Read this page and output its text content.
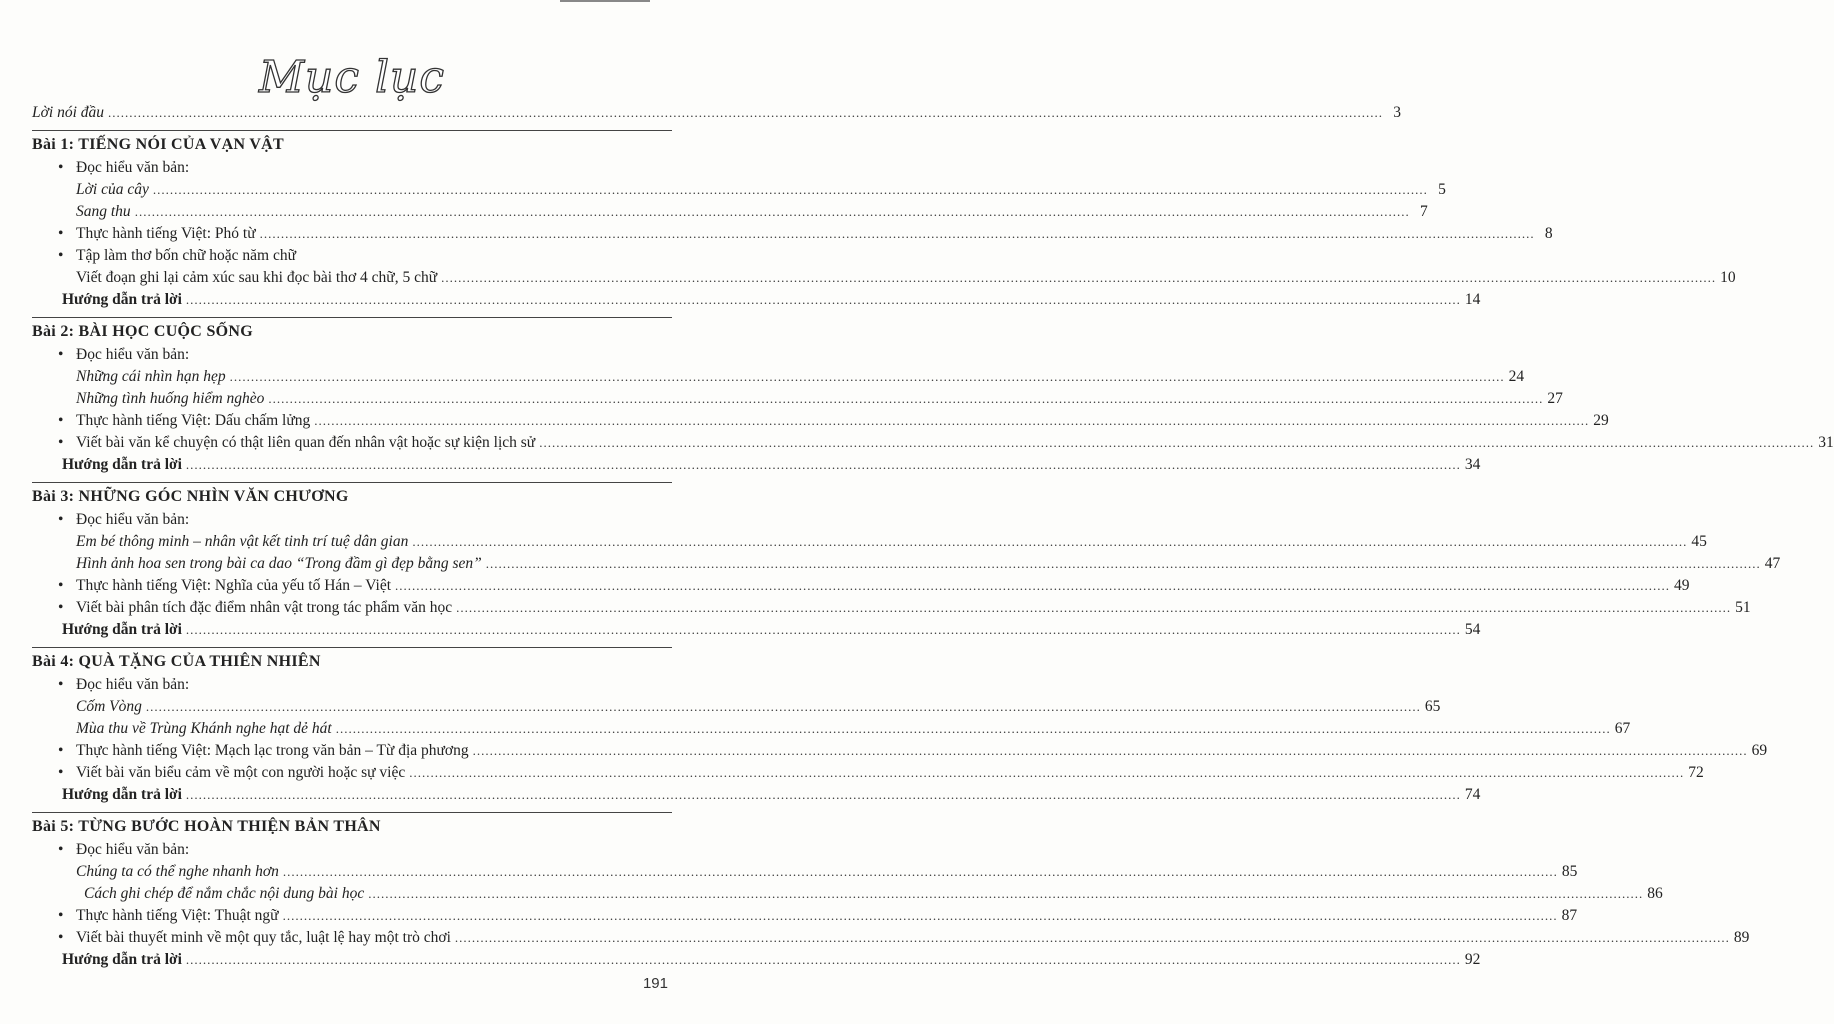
Mục lục
Lời nói đầu ............................................................................................................................................................................................................................................................................................................ 3
Bài 1: TIẾNG NÓI CỦA VẠN VẬT
• Đọc hiểu văn bản:
Lời của cây ............................................................................................................................................................................................................................................................................................................ 5
Sang thu ............................................................................................................................................................................................................................................................................................................ 7
• Thực hành tiếng Việt: Phó từ ............................................................................................................................................................................................................................................................................................................ 8
• Tập làm thơ bốn chữ hoặc năm chữ
Viết đoạn ghi lại cảm xúc sau khi đọc bài thơ 4 chữ, 5 chữ ............................................................................................................................................................................................................................................................................................................ 10
Hướng dẫn trả lời ............................................................................................................................................................................................................................................................................................................ 14
Bài 2: BÀI HỌC CUỘC SỐNG
• Đọc hiểu văn bản:
Những cái nhìn hạn hẹp ............................................................................................................................................................................................................................................................................................................ 24
Những tình huống hiểm nghèo ............................................................................................................................................................................................................................................................................................................ 27
• Thực hành tiếng Việt: Dấu chấm lửng ............................................................................................................................................................................................................................................................................................................ 29
• Viết bài văn kể chuyện có thật liên quan đến nhân vật hoặc sự kiện lịch sử ............................................................................................................................................................................................................................................................................................................ 31
Hướng dẫn trả lời ............................................................................................................................................................................................................................................................................................................ 34
Bài 3: NHỮNG GÓC NHÌN VĂN CHƯƠNG
• Đọc hiểu văn bản:
Em bé thông minh – nhân vật kết tinh trí tuệ dân gian ............................................................................................................................................................................................................................................................................................................ 45
Hình ảnh hoa sen trong bài ca dao “Trong đầm gì đẹp bằng sen” ............................................................................................................................................................................................................................................................................................................ 47
• Thực hành tiếng Việt: Nghĩa của yếu tố Hán – Việt ............................................................................................................................................................................................................................................................................................................ 49
• Viết bài phân tích đặc điểm nhân vật trong tác phẩm văn học ............................................................................................................................................................................................................................................................................................................ 51
Hướng dẫn trả lời ............................................................................................................................................................................................................................................................................................................ 54
Bài 4: QUÀ TẶNG CỦA THIÊN NHIÊN
• Đọc hiểu văn bản:
Cốm Vòng ............................................................................................................................................................................................................................................................................................................ 65
Mùa thu về Trùng Khánh nghe hạt dẻ hát ............................................................................................................................................................................................................................................................................................................ 67
• Thực hành tiếng Việt: Mạch lạc trong văn bản – Từ địa phương ............................................................................................................................................................................................................................................................................................................ 69
• Viết bài văn biểu cảm về một con người hoặc sự việc ............................................................................................................................................................................................................................................................................................................ 72
Hướng dẫn trả lời ............................................................................................................................................................................................................................................................................................................ 74
Bài 5: TỪNG BƯỚC HOÀN THIỆN BẢN THÂN
• Đọc hiểu văn bản:
Chúng ta có thể nghe nhanh hơn ............................................................................................................................................................................................................................................................................................................ 85
Cách ghi chép để nắm chắc nội dung bài học ............................................................................................................................................................................................................................................................................................................ 86
• Thực hành tiếng Việt: Thuật ngữ ............................................................................................................................................................................................................................................................................................................ 87
• Viết bài thuyết minh về một quy tắc, luật lệ hay một trò chơi ............................................................................................................................................................................................................................................................................................................ 89
Hướng dẫn trả lời ............................................................................................................................................................................................................................................................................................................ 92
191
